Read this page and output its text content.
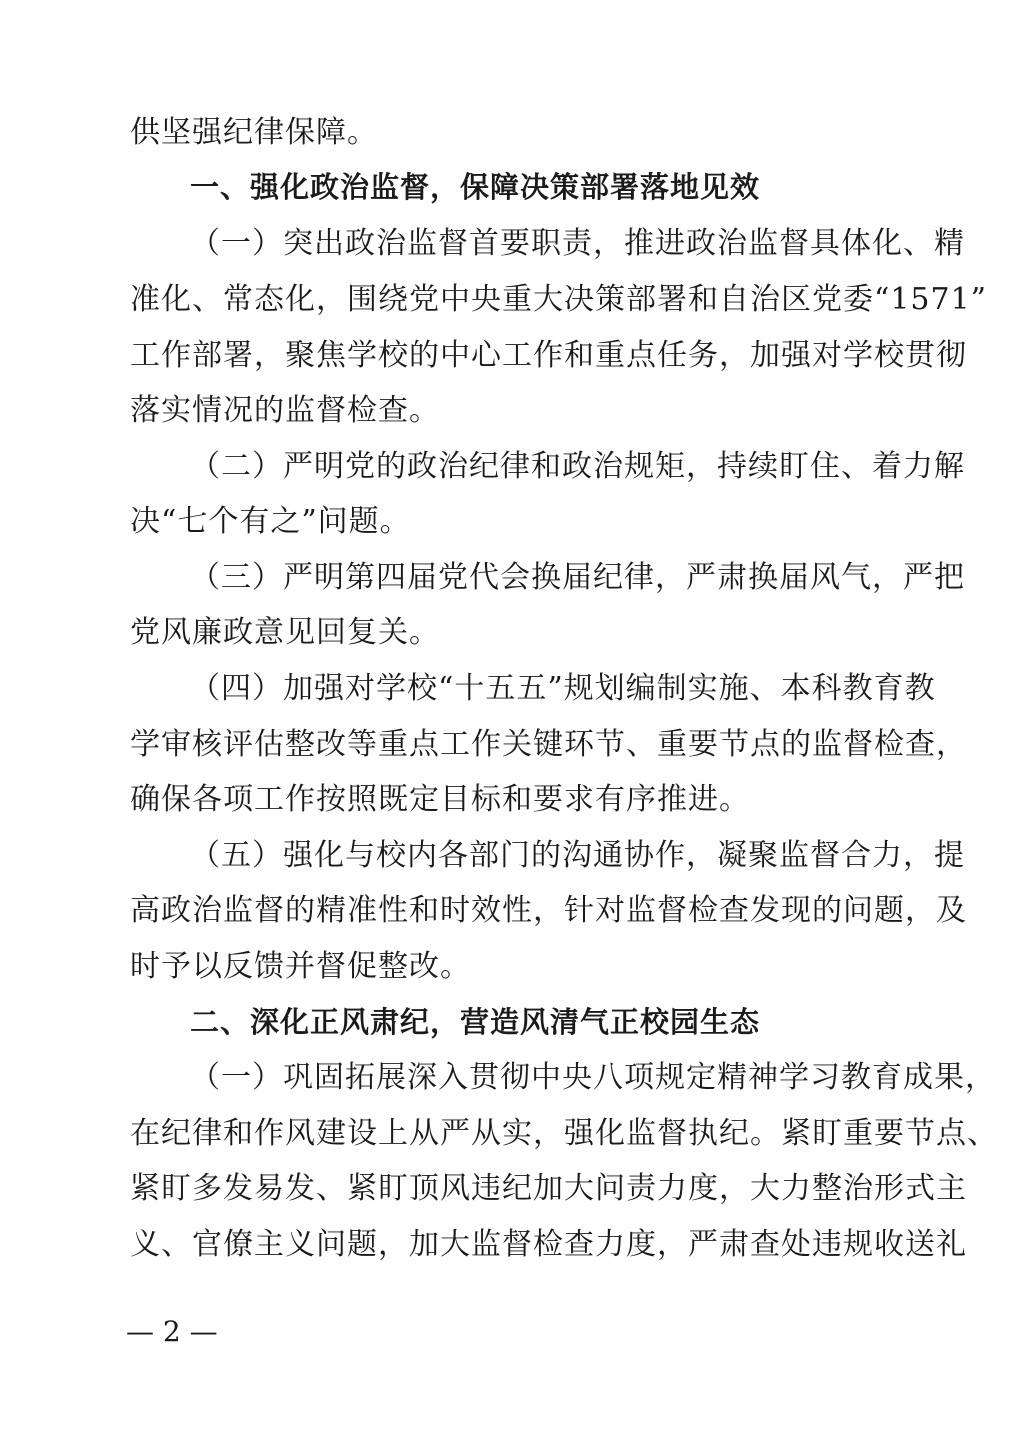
供坚强纪律保障。
一、强化政治监督，保障决策部署落地见效
（一）突出政治监督首要职责，推进政治监督具体化、精
准化、常态化，围绕党中央重大决策部署和自治区党委“1571”
工作部署，聚焦学校的中心工作和重点任务，加强对学校贯彻
落实情况的监督检查。
（二）严明党的政治纪律和政治规矩，持续盯住、着力解
决“七个有之”问题。
（三）严明第四届党代会换届纪律，严肃换届风气，严把
党风廉政意见回复关。
（四）加强对学校“十五五”规划编制实施、本科教育教
学审核评估整改等重点工作关键环节、重要节点的监督检查，
确保各项工作按照既定目标和要求有序推进。
（五）强化与校内各部门的沟通协作，凝聚监督合力，提
高政治监督的精准性和时效性，针对监督检查发现的问题，及
时予以反馈并督促整改。
二、深化正风肃纪，营造风清气正校园生态
（一）巩固拓展深入贯彻中央八项规定精神学习教育成果，
在纪律和作风建设上从严从实，强化监督执纪。紧盯重要节点、
紧盯多发易发、紧盯顶风违纪加大问责力度，大力整治形式主
义、官僚主义问题，加大监督检查力度，严肃查处违规收送礼
— 2 —
